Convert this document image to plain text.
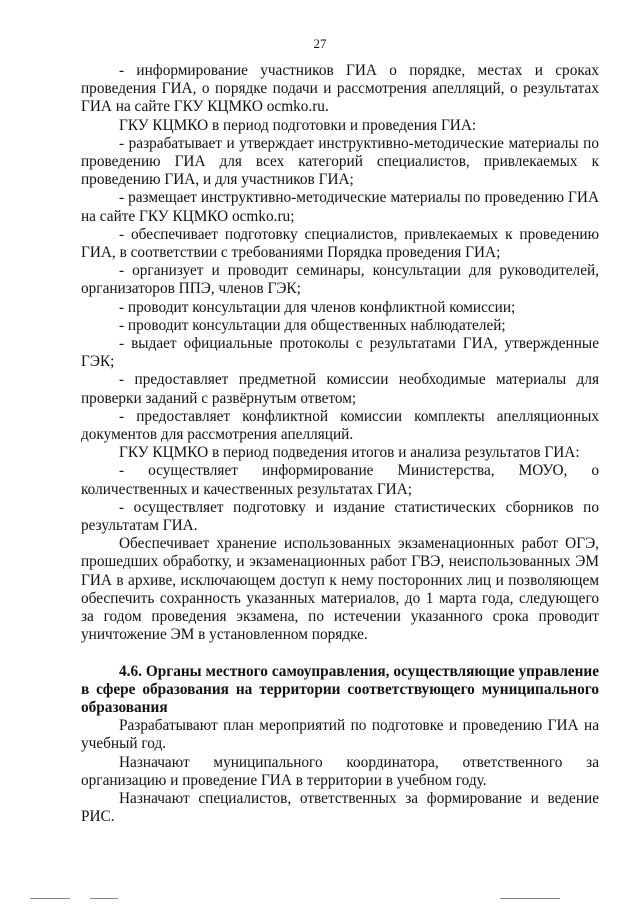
27

- информирование участников ГИА о порядке, местах и сроках проведения ГИА, о порядке подачи и рассмотрения апелляций, о результатах ГИА на сайте ГКУ КЦМКО ocmko.ru.

ГКУ КЦМКО в период подготовки и проведения ГИА:

- разрабатывает и утверждает инструктивно-методические материалы по проведению ГИА для всех категорий специалистов, привлекаемых к проведению ГИА, и для участников ГИА;

- размещает инструктивно-методические материалы по проведению ГИА на сайте ГКУ КЦМКО ocmko.ru;

- обеспечивает подготовку специалистов, привлекаемых к проведению ГИА, в соответствии с требованиями Порядка проведения ГИА;

- организует и проводит семинары, консультации для руководителей, организаторов ППЭ, членов ГЭК;

- проводит консультации для членов конфликтной комиссии;

- проводит консультации для общественных наблюдателей;

- выдает официальные протоколы с результатами ГИА, утвержденные ГЭК;

- предоставляет предметной комиссии необходимые материалы для проверки заданий с развёрнутым ответом;

- предоставляет конфликтной комиссии комплекты апелляционных документов для рассмотрения апелляций.

ГКУ КЦМКО в период подведения итогов и анализа результатов ГИА:

- осуществляет информирование Министерства, МОУО, о количественных и качественных результатах ГИА;

- осуществляет подготовку и издание статистических сборников по результатам ГИА.

Обеспечивает хранение использованных экзаменационных работ ОГЭ, прошедших обработку, и экзаменационных работ ГВЭ, неиспользованных ЭМ ГИА в архиве, исключающем доступ к нему посторонних лиц и позволяющем обеспечить сохранность указанных материалов, до 1 марта года, следующего за годом проведения экзамена, по истечении указанного срока проводит уничтожение ЭМ в установленном порядке.

4.6. Органы местного самоуправления, осуществляющие управление в сфере образования на территории соответствующего муниципального образования

Разрабатывают план мероприятий по подготовке и проведению ГИА на учебный год.

Назначают муниципального координатора, ответственного за организацию и проведение ГИА в территории в учебном году.

Назначают специалистов, ответственных за формирование и ведение РИС.
